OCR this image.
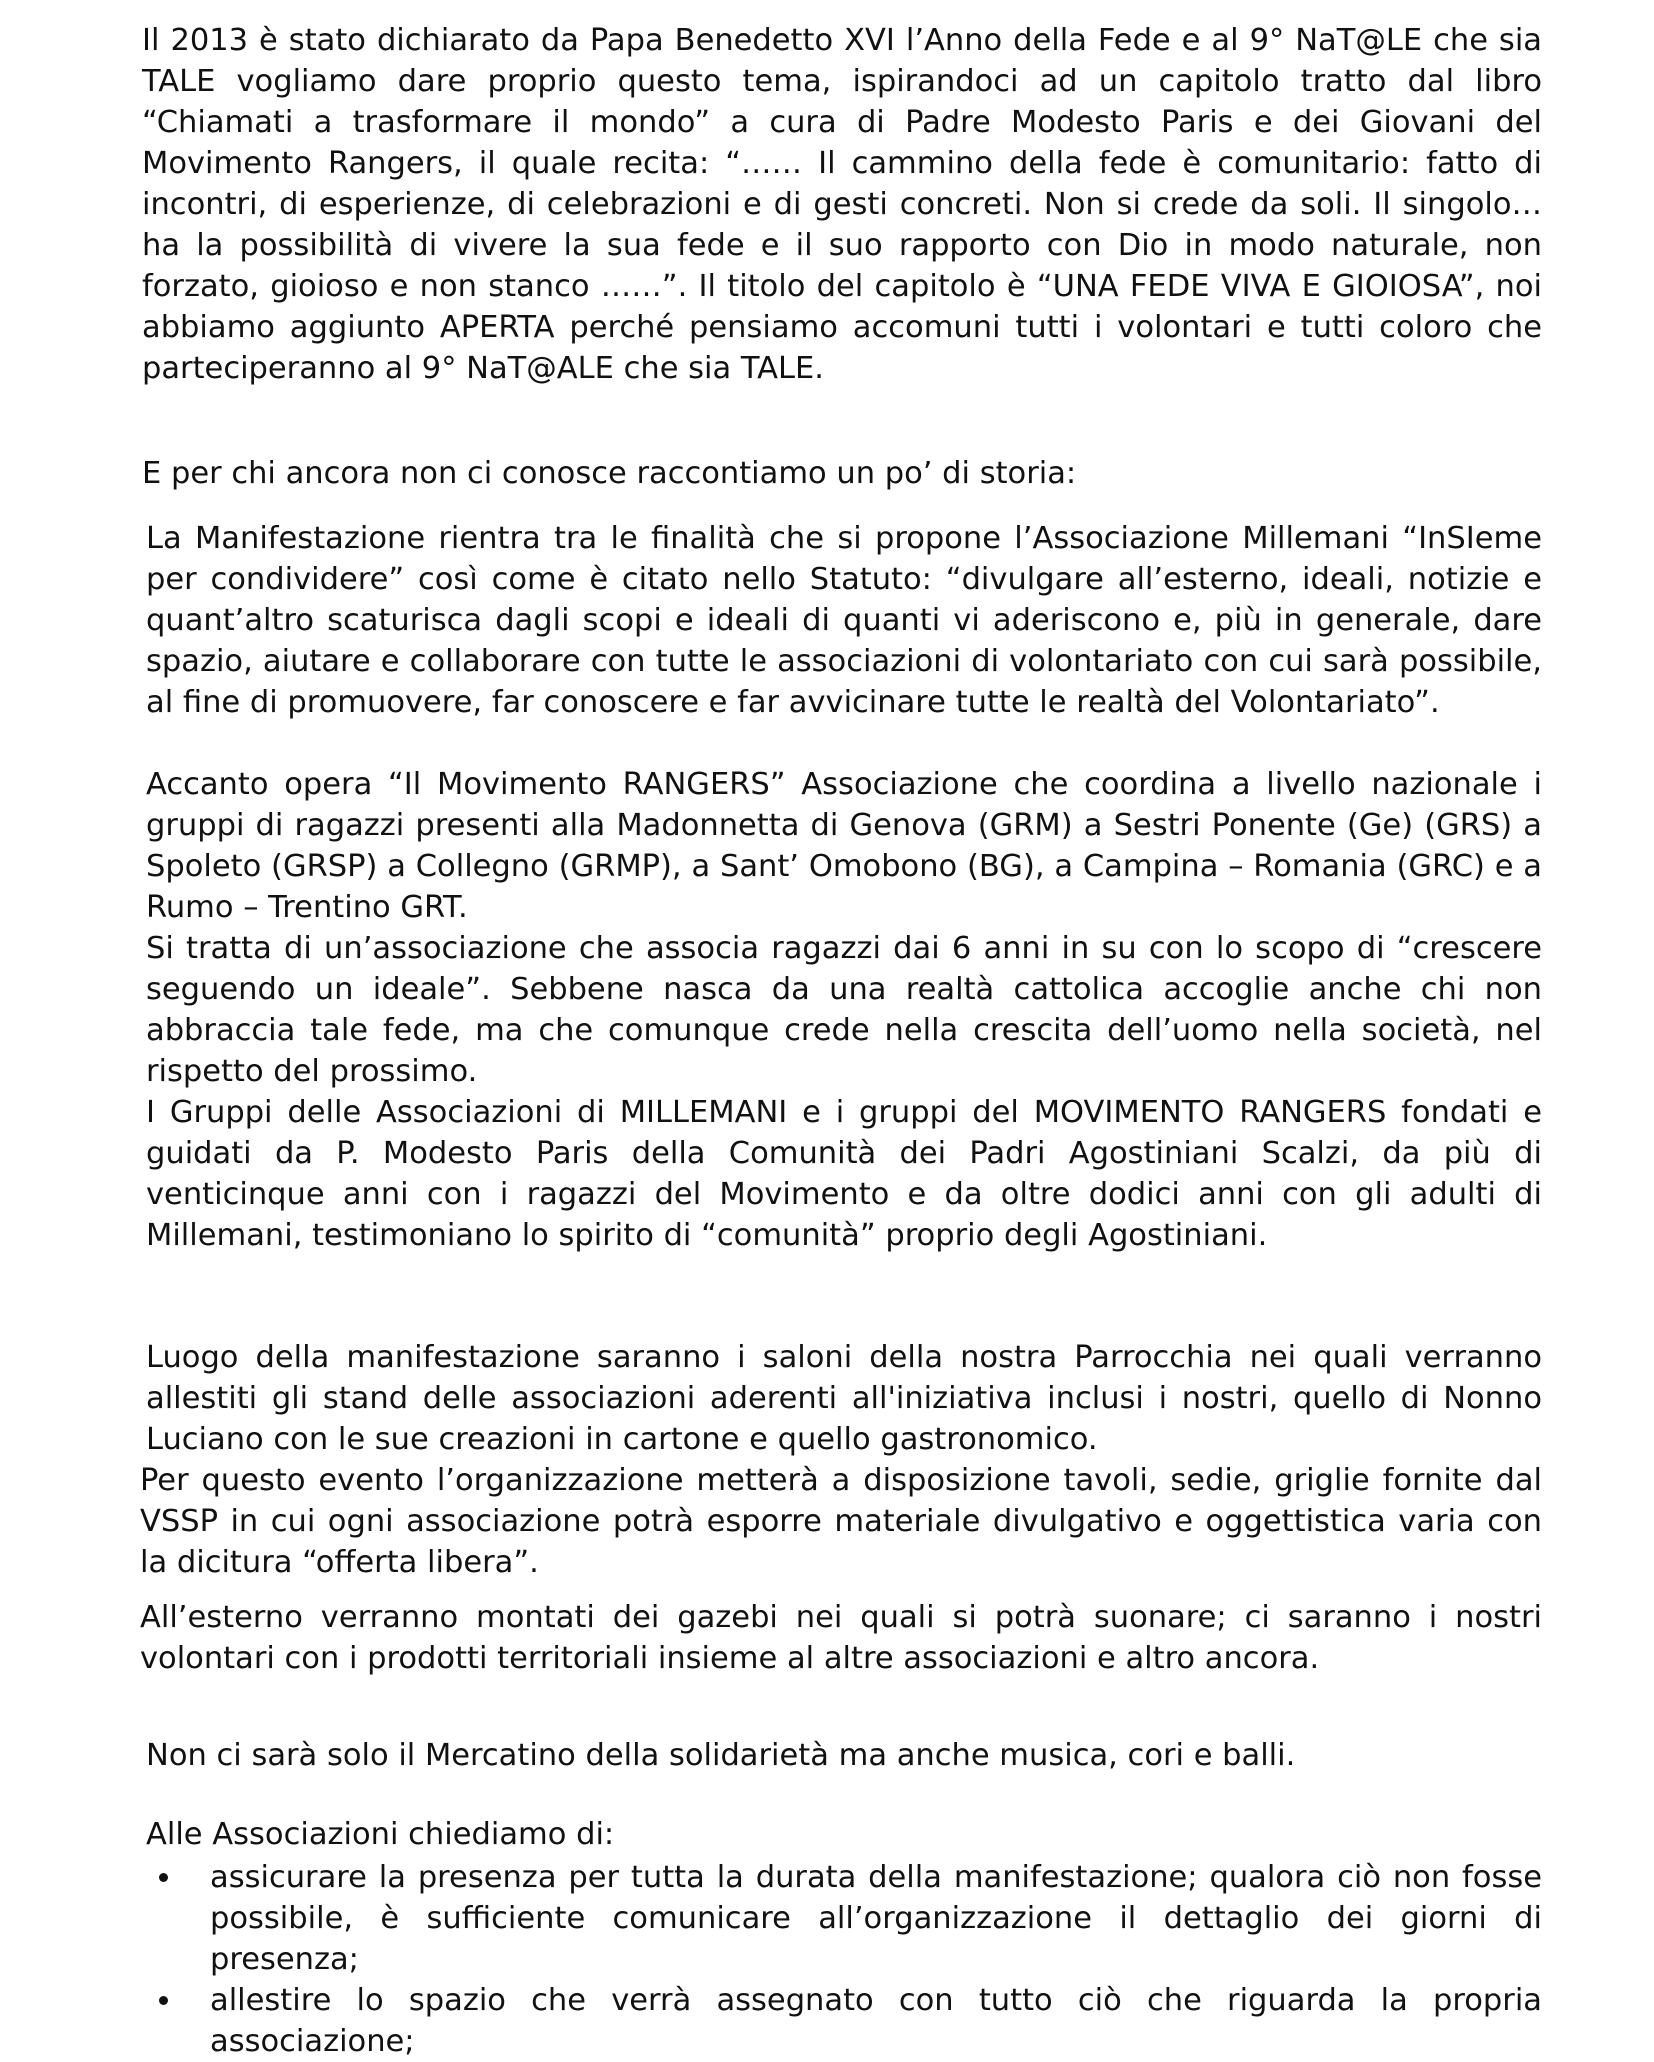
Il 2013 è stato dichiarato da Papa Benedetto XVI l’Anno della Fede e al 9° NaT@LE che sia TALE vogliamo dare proprio questo tema, ispirandoci ad un capitolo tratto dal libro “Chiamati a trasformare il mondo” a cura di Padre Modesto Paris e dei Giovani del Movimento Rangers, il quale recita: “…… Il cammino della fede è comunitario: fatto di incontri, di esperienze, di celebrazioni e di gesti concreti. Non si crede da soli. Il singolo… ha la possibilità di vivere la sua fede e il suo rapporto con Dio in modo naturale, non forzato, gioioso e non stanco ……”. Il titolo del capitolo è “UNA FEDE VIVA E GIOIOSA”, noi abbiamo aggiunto APERTA perché pensiamo accomuni tutti i volontari e tutti coloro che parteciperanno al 9° NaT@ALE che sia TALE.

E per chi ancora non ci conosce raccontiamo un po’ di storia:

La Manifestazione rientra tra le finalità che si propone l’Associazione Millemani “InSIeme per condividere” così come è citato nello Statuto: “divulgare all’esterno, ideali, notizie e quant’altro scaturisca dagli scopi e ideali di quanti vi aderiscono e, più in generale, dare spazio, aiutare e collaborare con tutte le associazioni di volontariato con cui sarà possibile, al fine di promuovere, far conoscere e far avvicinare tutte le realtà del Volontariato”.

Accanto opera “Il Movimento RANGERS” Associazione che coordina a livello nazionale i gruppi di ragazzi presenti alla Madonnetta di Genova (GRM) a Sestri Ponente (Ge) (GRS) a Spoleto (GRSP) a Collegno (GRMP), a Sant’ Omobono (BG), a Campina – Romania (GRC) e a Rumo – Trentino GRT.

Si tratta di un’associazione che associa ragazzi dai 6 anni in su con lo scopo di “crescere seguendo un ideale”. Sebbene nasca da una realtà cattolica accoglie anche chi non abbraccia tale fede, ma che comunque crede nella crescita dell’uomo nella società, nel rispetto del prossimo.

I Gruppi delle Associazioni di MILLEMANI e i gruppi del MOVIMENTO RANGERS fondati e guidati da P. Modesto Paris della Comunità dei Padri Agostiniani Scalzi, da più di venticinque anni con i ragazzi del Movimento e da oltre dodici anni con gli adulti di Millemani, testimoniano lo spirito di “comunità” proprio degli Agostiniani.

Luogo della manifestazione saranno i saloni della nostra Parrocchia nei quali verranno allestiti gli stand delle associazioni aderenti all'iniziativa inclusi i nostri, quello di Nonno Luciano con le sue creazioni in cartone e quello gastronomico.

Per questo evento l’organizzazione metterà a disposizione tavoli, sedie, griglie fornite dal VSSP in cui ogni associazione potrà esporre materiale divulgativo e oggettistica varia con la dicitura “offerta libera”.

All’esterno verranno montati dei gazebi nei quali si potrà suonare; ci saranno i nostri volontari con i prodotti territoriali insieme al altre associazioni e altro ancora.

Non ci sarà solo il Mercatino della solidarietà ma anche musica, cori e balli.

Alle Associazioni chiediamo di:

assicurare la presenza per tutta la durata della manifestazione; qualora ciò non fosse possibile, è sufficiente comunicare all’organizzazione il dettaglio dei giorni di presenza;
allestire lo spazio che verrà assegnato con tutto ciò che riguarda la propria associazione;
